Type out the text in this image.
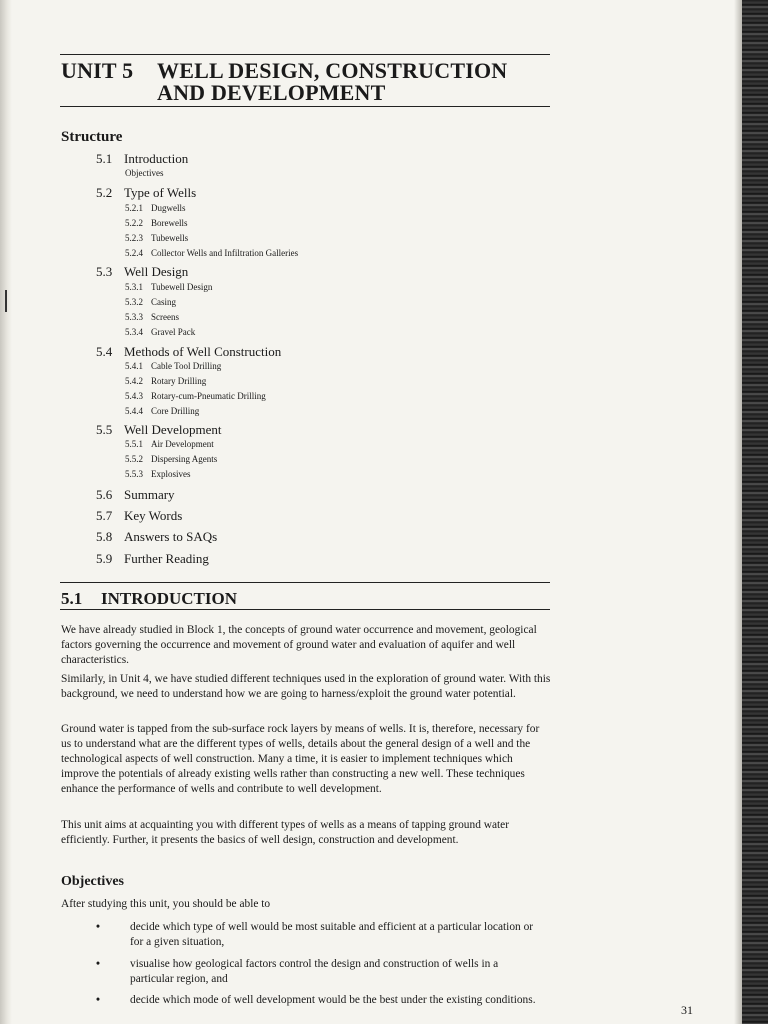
UNIT 5 WELL DESIGN, CONSTRUCTION
AND DEVELOPMENT
Structure
5.1 Introduction
Objectives
5.2 Type of Wells
5.2.1 Dugwells
5.2.2 Borewells
5.2.3 Tubewells
5.2.4 Collector Wells and Infiltration Galleries
5.3 Well Design
5.3.1 Tubewell Design
5.3.2 Casing
5.3.3 Screens
5.3.4 Gravel Pack
5.4 Methods of Well Construction
5.4.1 Cable Tool Drilling
5.4.2 Rotary Drilling
5.4.3 Rotary-cum-Pneumatic Drilling
5.4.4 Core Drilling
5.5 Well Development
5.5.1 Air Development
5.5.2 Dispersing Agents
5.5.3 Explosives
5.6 Summary
5.7 Key Words
5.8 Answers to SAQs
5.9 Further Reading
5.1 INTRODUCTION

We have already studied in Block 1, the concepts of ground water occurrence and movement, geological factors governing the occurrence and movement of ground water and evaluation of aquifer and well characteristics.

Similarly, in Unit 4, we have studied different techniques used in the exploration of ground water. With this background, we need to understand how we are going to harness/exploit the ground water potential.

Ground water is tapped from the sub-surface rock layers by means of wells. It is, therefore, necessary for us to understand what are the different types of wells, details about the general design of a well and the technological aspects of well construction. Many a time, it is easier to implement techniques which improve the potentials of already existing wells rather than constructing a new well. These techniques enhance the performance of wells and contribute to well development.

This unit aims at acquainting you with different types of wells as a means of tapping ground water efficiently. Further, it presents the basics of well design, construction and development.

Objectives

After studying this unit, you should be able to

•	decide which type of well would be most suitable and efficient at a particular location or for a given situation,
•	visualise how geological factors control the design and construction of wells in a particular region, and
•	decide which mode of well development would be the best under the existing conditions.
31
